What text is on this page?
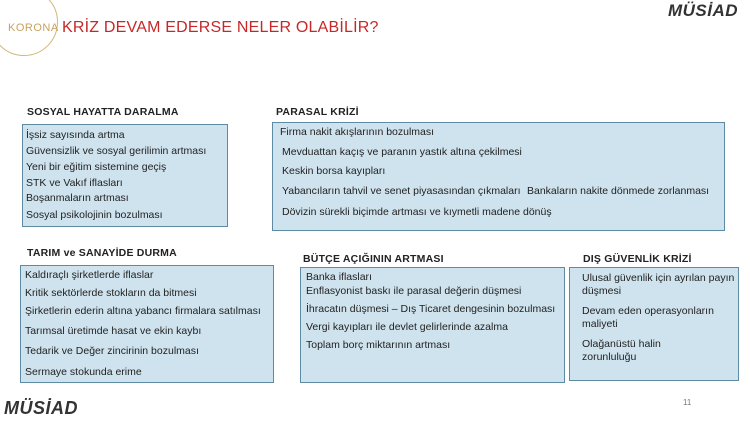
KORONA KRİZ DEVAM EDERSE NELER OLABİLİR?
MÜSİAD
SOSYAL HAYATTA DARALMA
İşsiz sayısında artma
Güvensizlik ve sosyal gerilimin artması
Yeni bir eğitim sistemine geçiş
STK ve Vakıf iflasları
Boşanmaların artması
Sosyal psikolojinin bozulması
PARASAL KRİZİ
Firma nakit akışlarının bozulması
Mevduattan kaçış ve paranın yastık altına çekilmesi
Keskin borsa kayıpları
Yabancıların tahvil ve senet piyasasından çıkmaları Bankaların nakite dönmede zorlanması
Dövizin sürekli biçimde artması ve kıymetli madene dönüş
TARIM ve SANAYİDE DURMA
Kaldıraçlı şirketlerde iflaslar
Kritik sektörlerde stokların da bitmesi
Şirketlerin ederin altına yabancı firmalara satılması
Tarımsal üretimde hasat ve ekin kaybı
Tedarik ve Değer zincirinin bozulması
Sermaye stokunda erime
BÜTÇE AÇIĞININ ARTMASI
Banka iflasları
Enflasyonist baskı ile parasal değerin düşmesi
İhracatın düşmesi – Dış Ticaret dengesinin bozulması
Vergi kayıpları ile devlet gelirlerinde azalma
Toplam borç miktarının artması
DIŞ GÜVENLİK KRİZİ
Ulusal güvenlik için ayrılan payın düşmesi
Devam eden operasyonların maliyeti
Olağanüstü halin zorunluluğu
11
MÜSİAD
